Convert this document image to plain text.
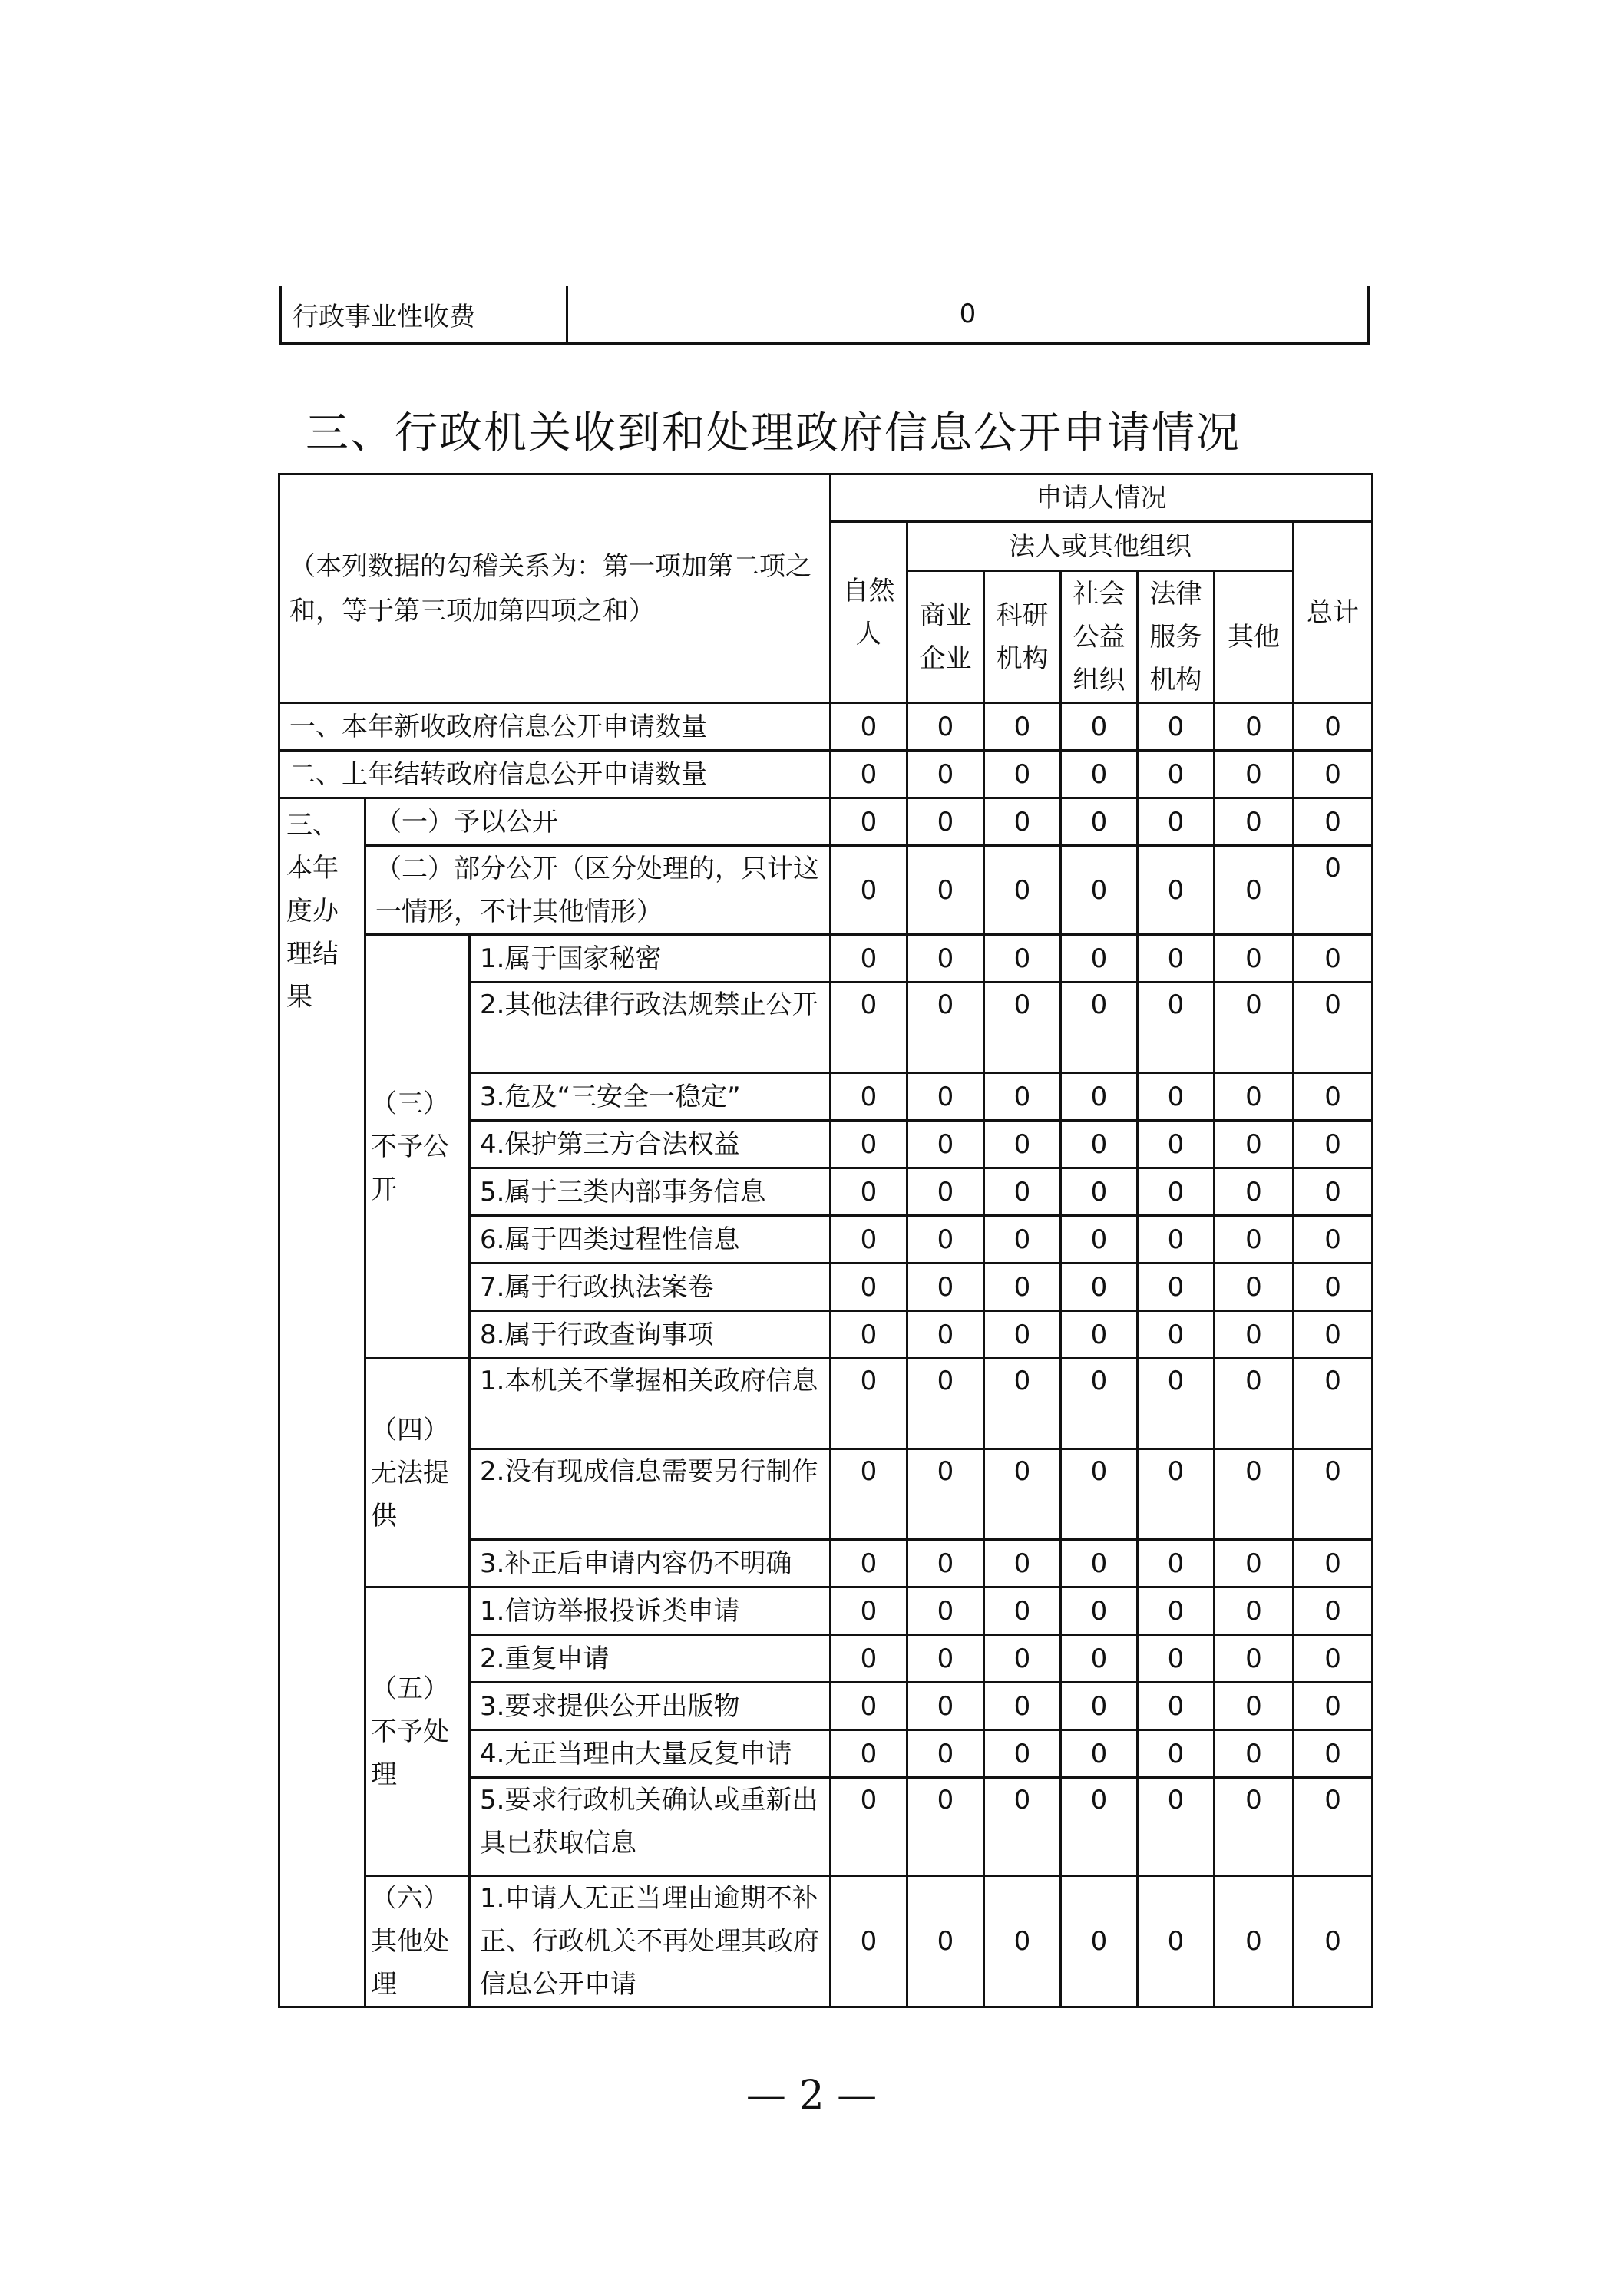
行政事业性收费	0
三、行政机关收到和处理政府信息公开申请情况
（本列数据的勾稽关系为：第一项加第二项之和，等于第三项加第四项之和）			申请人情况						
			自然人	法人或其他组织					总计
				商业企业	科研机构	社会公益组织	法律服务机构	其他	
一、本年新收政府信息公开申请数量			0	0	0	0	0	0	0
二、上年结转政府信息公开申请数量			0	0	0	0	0	0	0
三、本年度办理结果	（一）予以公开		0	0	0	0	0	0	0
	（二）部分公开（区分处理的，只计这一情形，不计其他情形）		0	0	0	0	0	0	0
	（三）不予公开	1.属于国家秘密	0	0	0	0	0	0	0
		2.其他法律行政法规禁止公开	0	0	0	0	0	0	0
		3.危及“三安全一稳定”	0	0	0	0	0	0	0
		4.保护第三方合法权益	0	0	0	0	0	0	0
		5.属于三类内部事务信息	0	0	0	0	0	0	0
		6.属于四类过程性信息	0	0	0	0	0	0	0
		7.属于行政执法案卷	0	0	0	0	0	0	0
		8.属于行政查询事项	0	0	0	0	0	0	0
	（四）无法提供	1.本机关不掌握相关政府信息	0	0	0	0	0	0	0
		2.没有现成信息需要另行制作	0	0	0	0	0	0	0
		3.补正后申请内容仍不明确	0	0	0	0	0	0	0
	（五）不予处理	1.信访举报投诉类申请	0	0	0	0	0	0	0
		2.重复申请	0	0	0	0	0	0	0
		3.要求提供公开出版物	0	0	0	0	0	0	0
		4.无正当理由大量反复申请	0	0	0	0	0	0	0
		5.要求行政机关确认或重新出具已获取信息	0	0	0	0	0	0	0
	（六）其他处理	1.申请人无正当理由逾期不补正、行政机关不再处理其政府信息公开申请	0	0	0	0	0	0	0
— 2 —
